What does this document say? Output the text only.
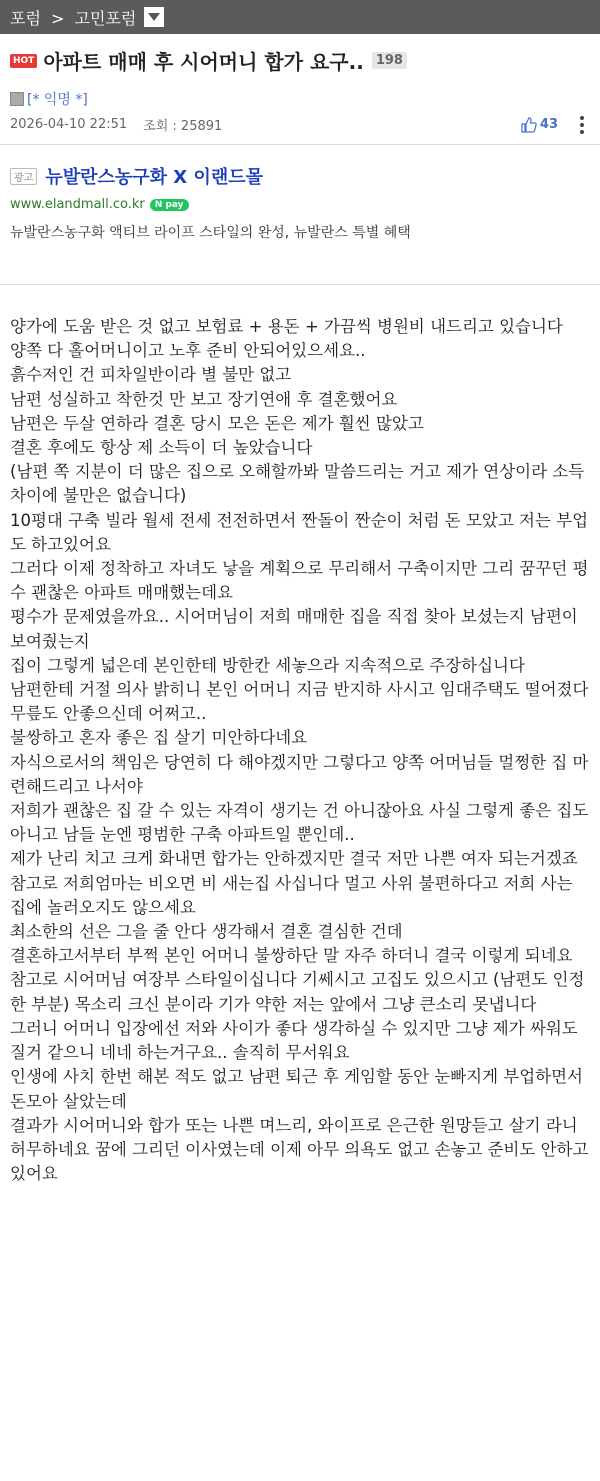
포럼 > 고민포럼
HOT 아파트 매매 후 시어머니 합가 요구.. 198
[* 익명 *]
2026-04-10 22:51 조회 : 25891	43
광고 뉴발란스농구화 X 이랜드몰
www.elandmall.co.kr	N pay
뉴발란스농구화 액티브 라이프 스타일의 완성, 뉴발란스 특별 혜택

양가에 도움 받은 것 없고 보험료 + 용돈 + 가끔씩 병원비 내드리고 있습니다

양쪽 다 홀어머니이고 노후 준비 안되어있으세요..

흙수저인 건 피차일반이라 별 불만 없고

남편 성실하고 착한것 만 보고 장기연애 후 결혼했어요

남편은 두살 연하라 결혼 당시 모은 돈은 제가 훨씬 많았고

결혼 후에도 항상 제 소득이 더 높았습니다

(남편 쪽 지분이 더 많은 집으로 오해할까봐 말씀드리는 거고 제가 연상이라 소득 차이에 불만은 없습니다)

10평대 구축 빌라 월세 전세 전전하면서 짠돌이 짠순이 처럼 돈 모았고 저는 부업도 하고있어요

그러다 이제 정착하고 자녀도 낳을 계획으로 무리해서 구축이지만 그리 꿈꾸던 평수 괜찮은 아파트 매매했는데요

평수가 문제였을까요.. 시어머님이 저희 매매한 집을 직접 찾아 보셨는지 남편이 보여줬는지

집이 그렇게 넓은데 본인한테 방한칸 세놓으라 지속적으로 주장하십니다

남편한테 거절 의사 밝히니 본인 어머니 지금 반지하 사시고 임대주택도 떨어졌다 무릎도 안좋으신데 어쩌고..

불쌍하고 혼자 좋은 집 살기 미안하다네요

자식으로서의 책임은 당연히 다 해야겠지만 그렇다고 양쪽 어머님들 멀쩡한 집 마련해드리고 나서야

저희가 괜찮은 집 갈 수 있는 자격이 생기는 건 아니잖아요 사실 그렇게 좋은 집도 아니고 남들 눈엔 평범한 구축 아파트일 뿐인데..

제가 난리 치고 크게 화내면 합가는 안하겠지만 결국 저만 나쁜 여자 되는거겠죠

참고로 저희엄마는 비오면 비 새는집 사십니다 멀고 사위 불편하다고 저희 사는 집에 놀러오지도 않으세요

최소한의 선은 그을 줄 안다 생각해서 결혼 결심한 건데

결혼하고서부터 부쩍 본인 어머니 불쌍하단 말 자주 하더니 결국 이렇게 되네요

참고로 시어머님 여장부 스타일이십니다 기쎄시고 고집도 있으시고 (남편도 인정한 부분) 목소리 크신 분이라 기가 약한 저는 앞에서 그냥 큰소리 못냅니다

그러니 어머니 입장에선 저와 사이가 좋다 생각하실 수 있지만 그냥 제가 싸워도 질거 같으니 네네 하는거구요.. 솔직히 무서워요

인생에 사치 한번 해본 적도 없고 남편 퇴근 후 게임할 동안 눈빠지게 부업하면서 돈모아 살았는데

결과가 시어머니와 합가 또는 나쁜 며느리, 와이프로 은근한 원망듣고 살기 라니 허무하네요 꿈에 그리던 이사였는데 이제 아무 의욕도 없고 손놓고 준비도 안하고 있어요
